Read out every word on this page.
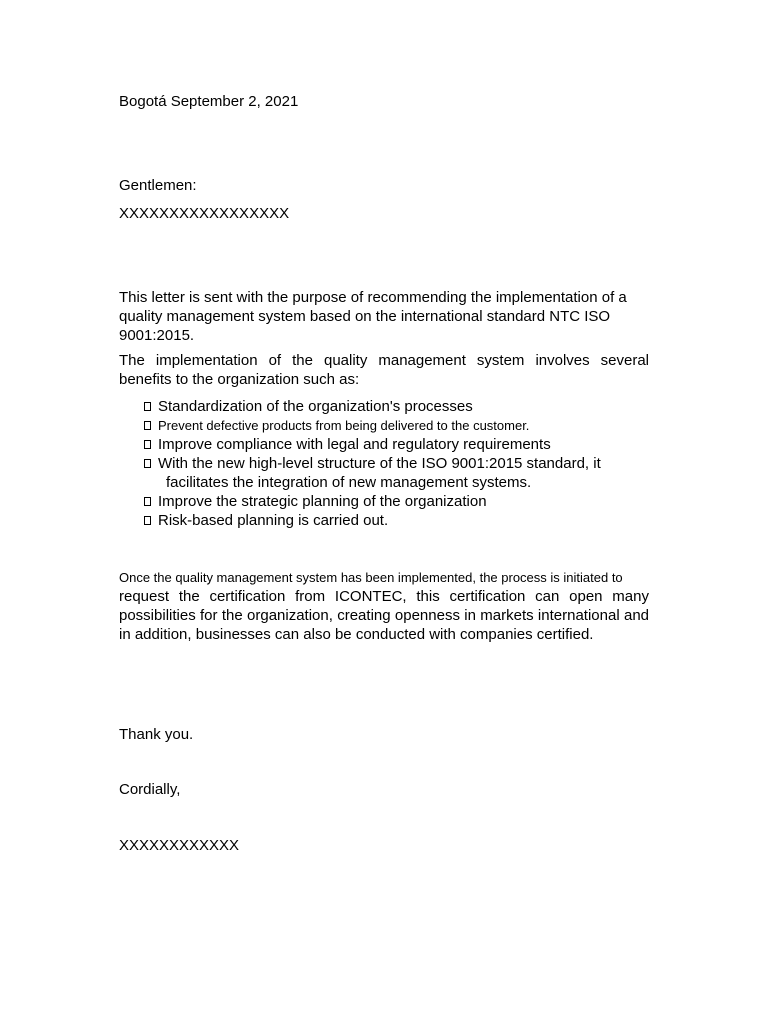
Bogotá September 2, 2021

Gentlemen:

XXXXXXXXXXXXXXXXX

This letter is sent with the purpose of recommending the implementation of a quality management system based on the international standard NTC ISO 9001:2015.

The implementation of the quality management system involves several benefits to the organization such as:

Standardization of the organization's processes
Prevent defective products from being delivered to the customer.
Improve compliance with legal and regulatory requirements
With the new high-level structure of the ISO 9001:2015 standard, it
facilitates the integration of new management systems.
Improve the strategic planning of the organization
Risk-based planning is carried out.
Once the quality management system has been implemented, the process is initiated to
request the certification from ICONTEC, this certification can open many possibilities for the organization, creating openness in markets international and in addition, businesses can also be conducted with companies certified.

Thank you.

Cordially,

XXXXXXXXXXXX
